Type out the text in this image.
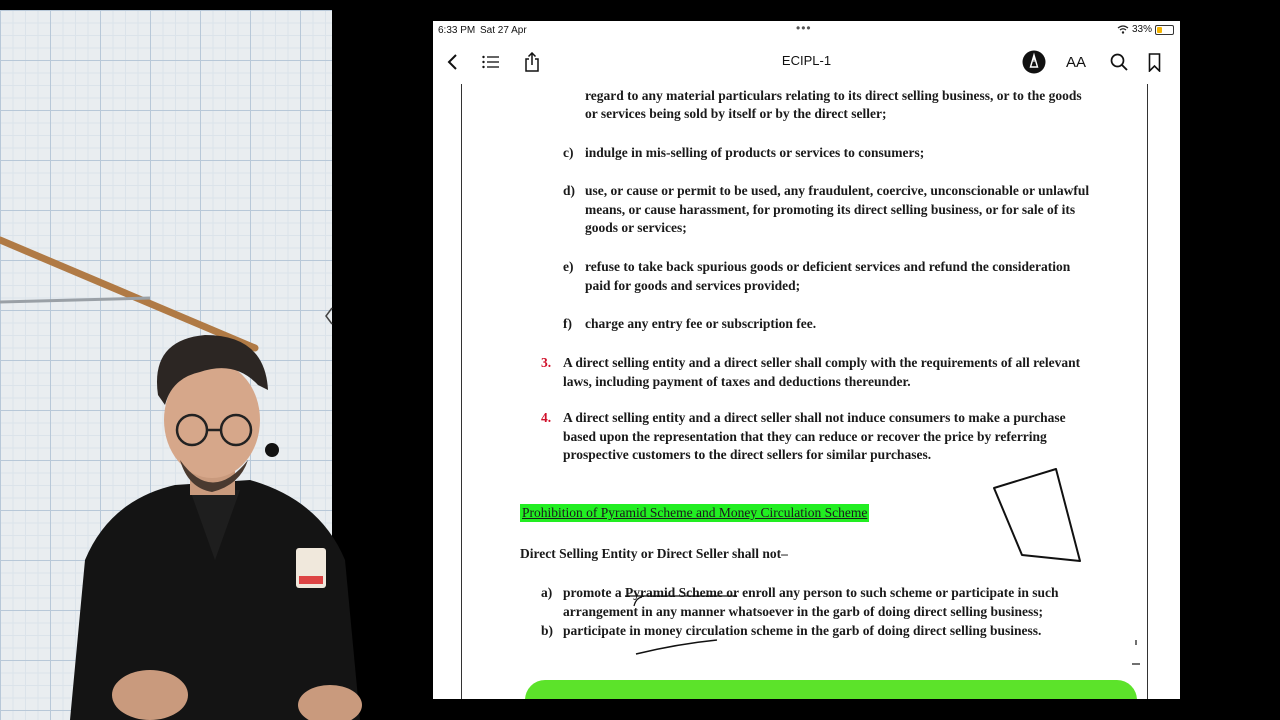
6:33 PM Sat 27 Apr	•••	33%
ECIPL-1	AA
regard to any material particulars relating to its direct selling business, or to the goods
or services being sold by itself or by the direct seller;
c) indulge in mis-selling of products or services to consumers;
d) use, or cause or permit to be used, any fraudulent, coercive, unconscionable or unlawful
means, or cause harassment, for promoting its direct selling business, or for sale of its
goods or services;
e) refuse to take back spurious goods or deficient services and refund the consideration
paid for goods and services provided;
f) charge any entry fee or subscription fee.
3. A direct selling entity and a direct seller shall comply with the requirements of all relevant
laws, including payment of taxes and deductions thereunder.
4. A direct selling entity and a direct seller shall not induce consumers to make a purchase
based upon the representation that they can reduce or recover the price by referring
prospective customers to the direct sellers for similar purchases.
Prohibition of Pyramid Scheme and Money Circulation Scheme
Direct Selling Entity or Direct Seller shall not–
a) promote a Pyramid Scheme or enroll any person to such scheme or participate in such
arrangement in any manner whatsoever in the garb of doing direct selling business;
b) participate in money circulation scheme in the garb of doing direct selling business.
